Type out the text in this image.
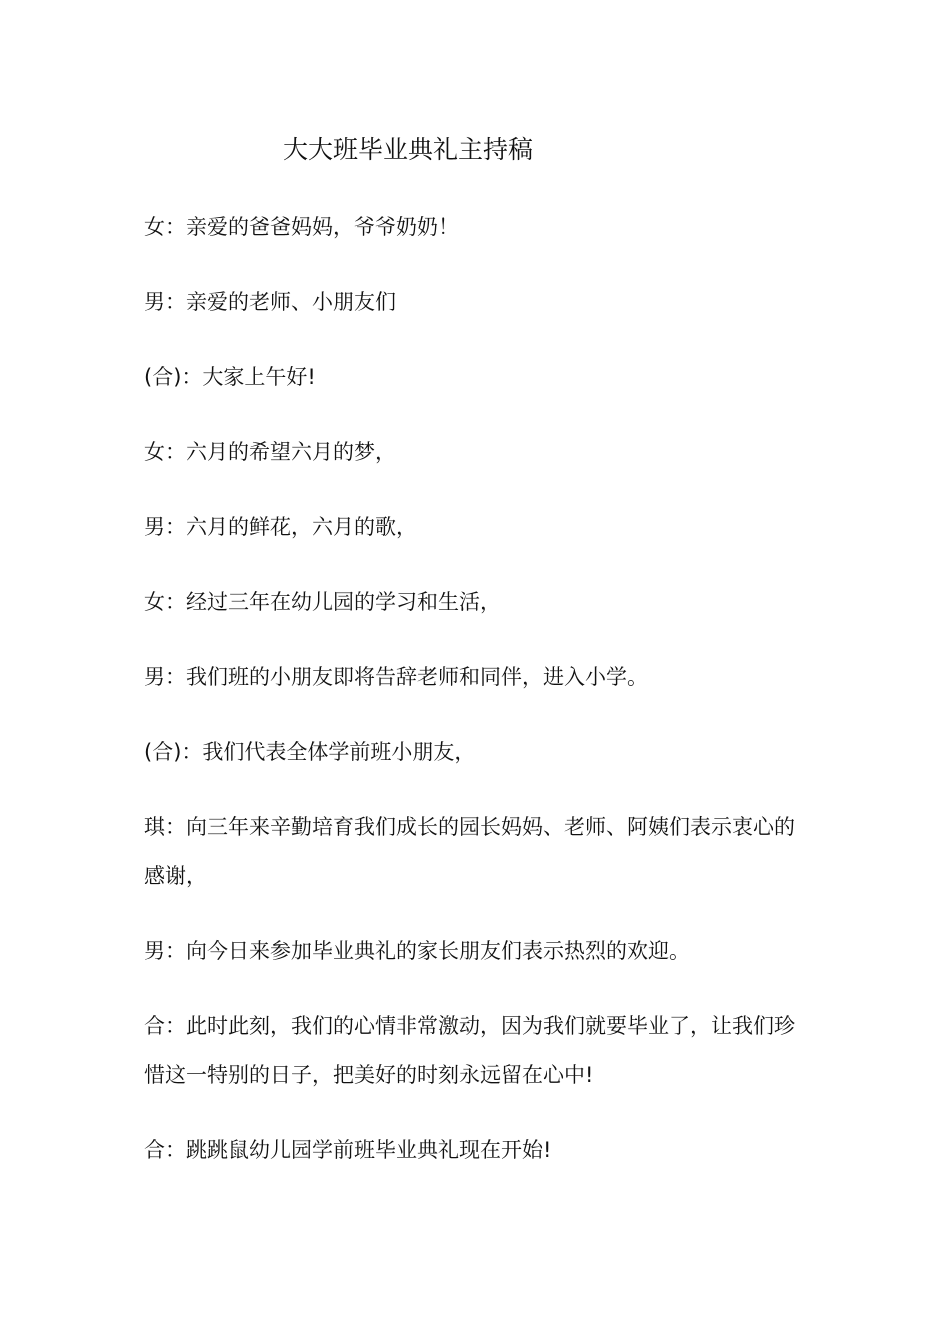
大大班毕业典礼主持稿

女：亲爱的爸爸妈妈，爷爷奶奶！

男：亲爱的老师、小朋友们

(合)：大家上午好!

女：六月的希望六月的梦，

男：六月的鲜花，六月的歌，

女：经过三年在幼儿园的学习和生活，

男：我们班的小朋友即将告辞老师和同伴，进入小学。

(合)：我们代表全体学前班小朋友，

琪：向三年来辛勤培育我们成长的园长妈妈、老师、阿姨们表示衷心的感谢，

男：向今日来参加毕业典礼的家长朋友们表示热烈的欢迎。

合：此时此刻，我们的心情非常激动，因为我们就要毕业了，让我们珍惜这一特别的日子，把美好的时刻永远留在心中!

合：跳跳鼠幼儿园学前班毕业典礼现在开始!
